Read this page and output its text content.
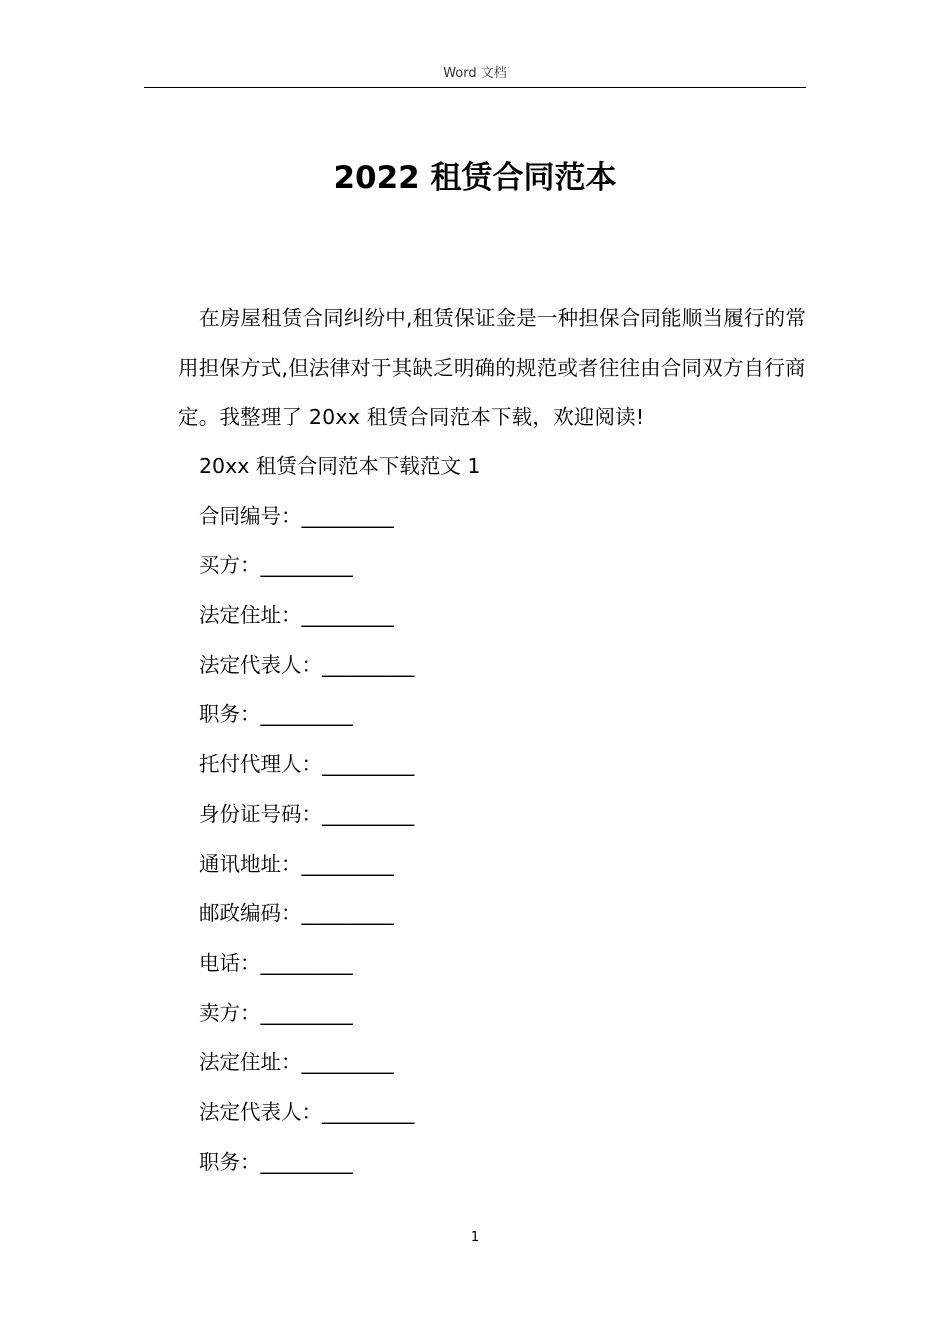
Word 文档
2022 租赁合同范本

在房屋租赁合同纠纷中,租赁保证金是一种担保合同能顺当履行的常用担保方式,但法律对于其缺乏明确的规范或者往往由合同双方自行商定。我整理了 20xx 租赁合同范本下载，欢迎阅读!

20xx 租赁合同范本下载范文 1
合同编号：_________
买方：_________
法定住址：_________
法定代表人：_________
职务：_________
托付代理人：_________
身份证号码：_________
通讯地址：_________
邮政编码：_________
电话：_________
卖方：_________
法定住址：_________
法定代表人：_________
职务：_________
1
